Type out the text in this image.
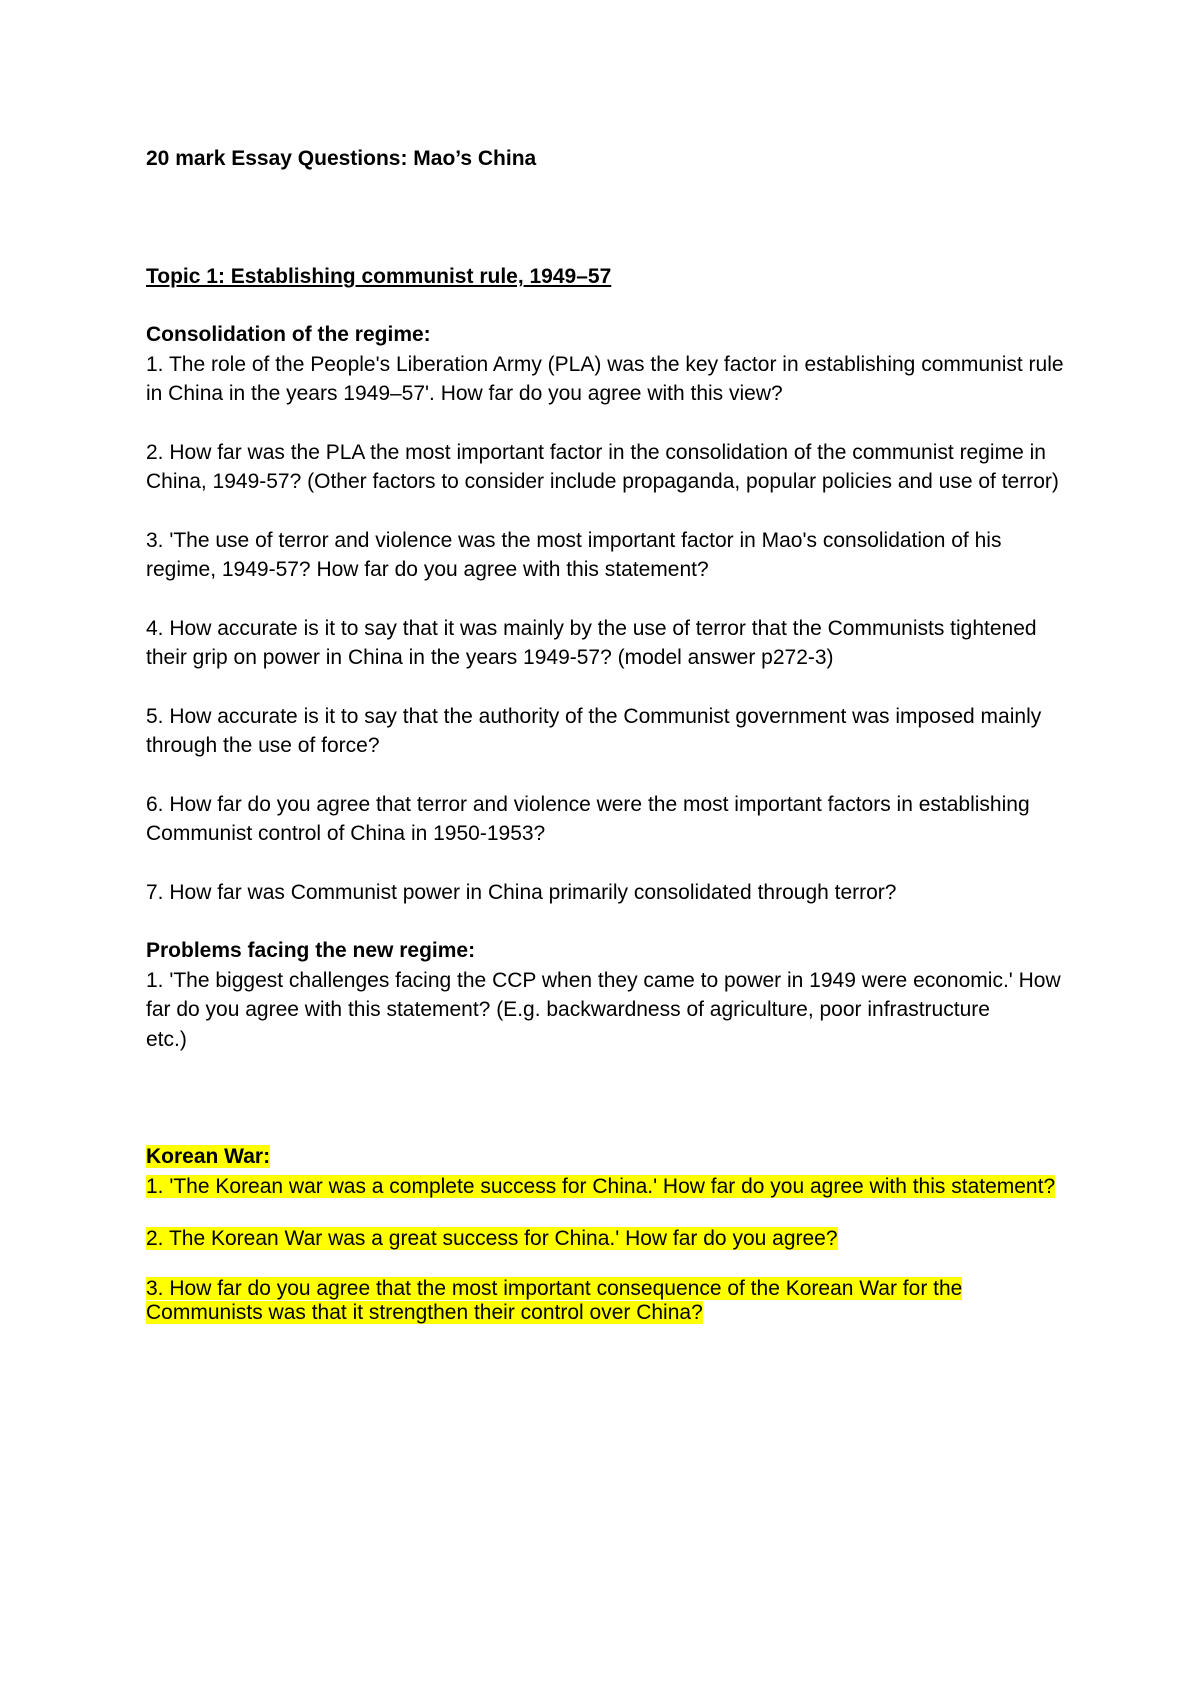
20 mark Essay Questions: Mao’s China

Topic 1: Establishing communist rule, 1949–57

Consolidation of the regime:
1. The role of the People's Liberation Army (PLA) was the key factor in establishing communist rule in China in the years 1949–57'. How far do you agree with this view?
2. How far was the PLA the most important factor in the consolidation of the communist regime in China, 1949-57? (Other factors to consider include propaganda, popular policies and use of terror)
3. 'The use of terror and violence was the most important factor in Mao's consolidation of his regime, 1949-57? How far do you agree with this statement?
4. How accurate is it to say that it was mainly by the use of terror that the Communists tightened their grip on power in China in the years 1949-57? (model answer p272-3)
5. How accurate is it to say that the authority of the Communist government was imposed mainly through the use of force?
6. How far do you agree that terror and violence were the most important factors in establishing Communist control of China in 1950-1953?
7. How far was Communist power in China primarily consolidated through terror?
Problems facing the new regime:
1. 'The biggest challenges facing the CCP when they came to power in 1949 were economic.' How far do you agree with this statement? (E.g. backwardness of agriculture, poor infrastructure
etc.)
Korean War:
1. 'The Korean war was a complete success for China.' How far do you agree with this statement?
2. The Korean War was a great success for China.' How far do you agree?
3. How far do you agree that the most important consequence of the Korean War for the Communists was that it strengthen their control over China?
